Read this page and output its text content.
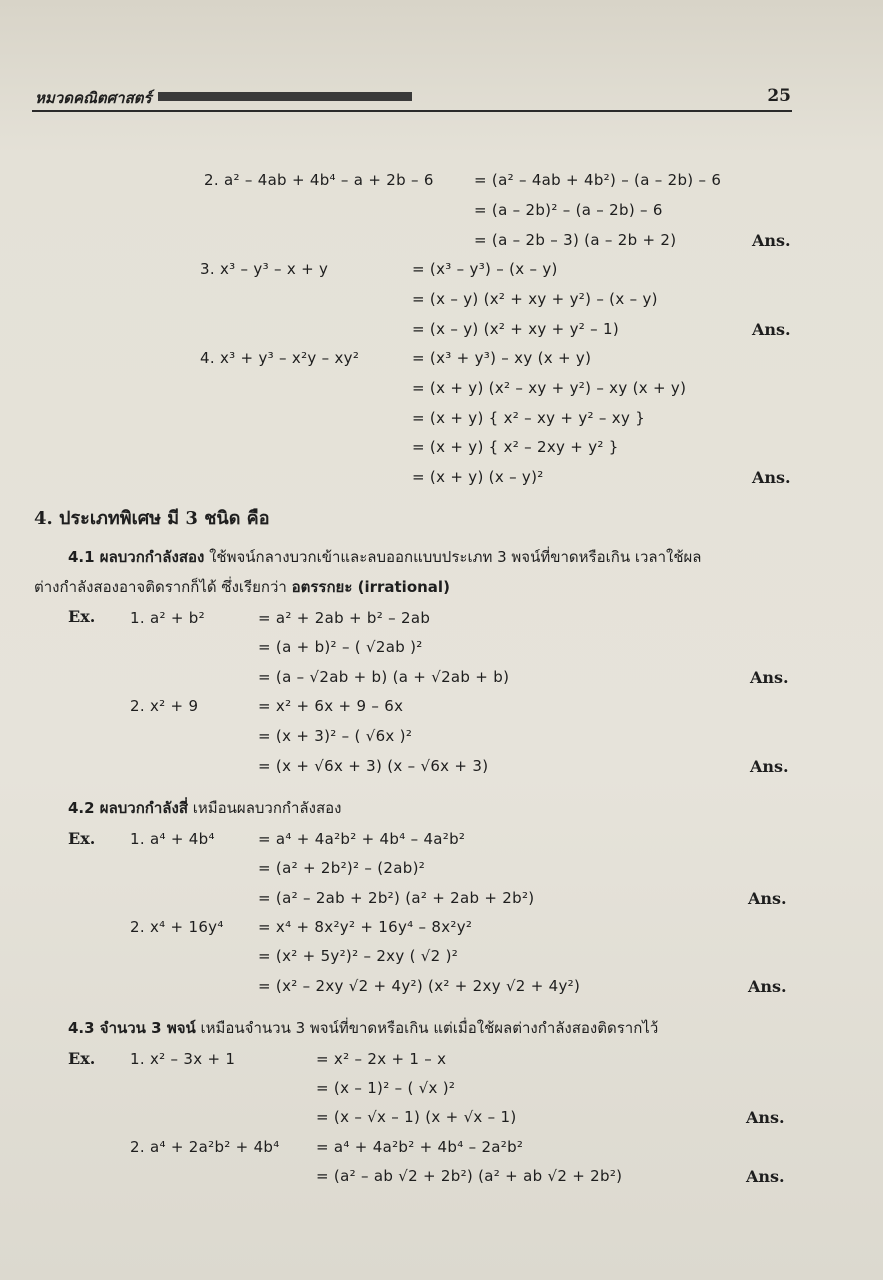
หมวดคณิตศาสตร์	25
2. a² – 4ab + 4b⁴ – a + 2b – 6	= (a² – 4ab + 4b²) – (a – 2b) – 6
= (a – 2b)² – (a – 2b) – 6
= (a – 2b – 3) (a – 2b + 2)	Ans.
3. x³ – y³ – x + y	= (x³ – y³) – (x – y)
= (x – y) (x² + xy + y²) – (x – y)
= (x – y) (x² + xy + y² – 1)	Ans.
4. x³ + y³ – x²y – xy²	= (x³ + y³) – xy (x + y)
= (x + y) (x² – xy + y²) – xy (x + y)
= (x + y) { x² – xy + y² – xy }
= (x + y) { x² – 2xy + y² }
= (x + y) (x – y)²	Ans.
4. ประเภทพิเศษ มี 3 ชนิด คือ
4.1 ผลบวกกำลังสอง ใช้พจน์กลางบวกเข้าและลบออกแบบประเภท 3 พจน์ที่ขาดหรือเกิน เวลาใช้ผล
ต่างกำลังสองอาจติดรากก็ได้ ซึ่งเรียกว่า อตรรกยะ (irrational)
Ex. 1. a² + b²	= a² + 2ab + b² – 2ab
= (a + b)² – ( √2ab )²
= (a – √2ab + b) (a + √2ab + b)	Ans.
2. x² + 9	= x² + 6x + 9 – 6x
= (x + 3)² – ( √6x )²
= (x + √6x + 3) (x – √6x + 3)	Ans.
4.2 ผลบวกกำลังสี่ เหมือนผลบวกกำลังสอง
Ex. 1. a⁴ + 4b⁴	= a⁴ + 4a²b² + 4b⁴ – 4a²b²
= (a² + 2b²)² – (2ab)²
= (a² – 2ab + 2b²) (a² + 2ab + 2b²)	Ans.
2. x⁴ + 16y⁴ = x⁴ + 8x²y² + 16y⁴ – 8x²y²
= (x² + 5y²)² – 2xy ( √2 )²
= (x² – 2xy √2 + 4y²) (x² + 2xy √2 + 4y²)	Ans.
4.3 จำนวน 3 พจน์ เหมือนจำนวน 3 พจน์ที่ขาดหรือเกิน แต่เมื่อใช้ผลต่างกำลังสองติดรากไว้
Ex. 1. x² – 3x + 1	= x² – 2x + 1 – x
= (x – 1)² – ( √x )²
= (x – √x – 1) (x + √x – 1)	Ans.
2. a⁴ + 2a²b² + 4b⁴ = a⁴ + 4a²b² + 4b⁴ – 2a²b²
= (a² – ab √2 + 2b²) (a² + ab √2 + 2b²)	Ans.
